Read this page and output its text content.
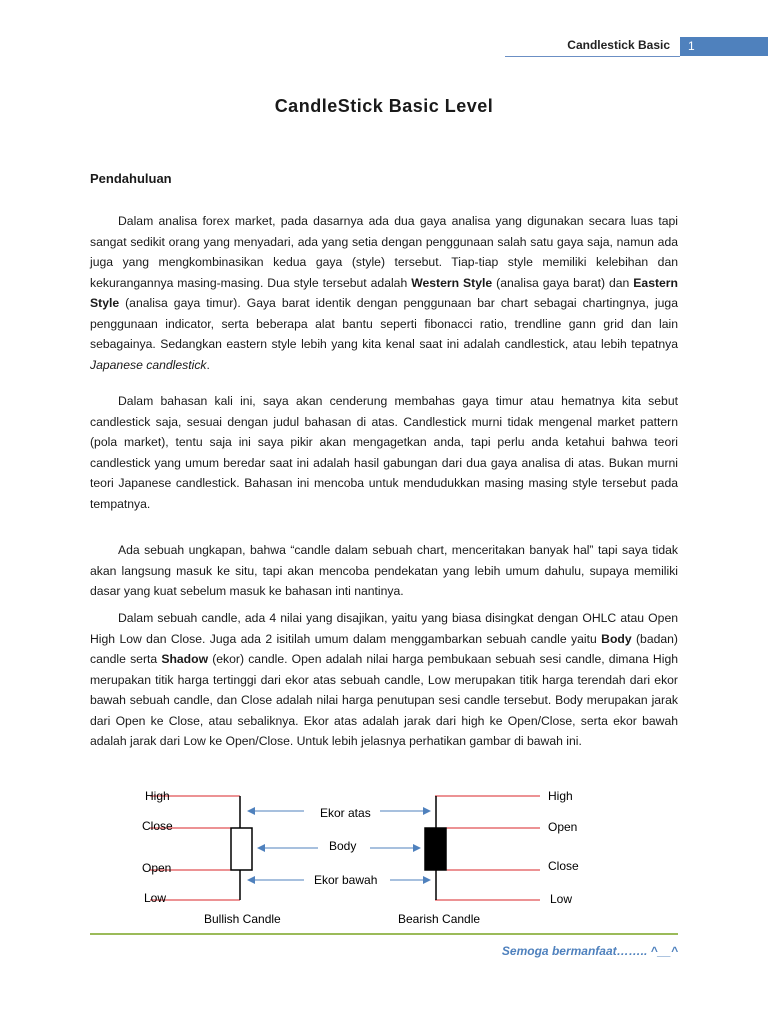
Candlestick Basic	1
CandleStick Basic Level
Pendahuluan

Dalam analisa forex market, pada dasarnya ada dua gaya analisa yang digunakan secara luas tapi sangat sedikit orang yang menyadari, ada yang setia dengan penggunaan salah satu gaya saja, namun ada juga yang mengkombinasikan kedua gaya (style) tersebut. Tiap-tiap style memiliki kelebihan dan kekurangannya masing-masing. Dua style tersebut adalah Western Style (analisa gaya barat) dan Eastern Style (analisa gaya timur). Gaya barat identik dengan penggunaan bar chart sebagai chartingnya, juga penggunaan indicator, serta beberapa alat bantu seperti fibonacci ratio, trendline gann grid dan lain sebagainya. Sedangkan eastern style lebih yang kita kenal saat ini adalah candlestick, atau lebih tepatnya Japanese candlestick.

Dalam bahasan kali ini, saya akan cenderung membahas gaya timur atau hematnya kita sebut candlestick saja, sesuai dengan judul bahasan di atas. Candlestick murni tidak mengenal market pattern (pola market), tentu saja ini saya pikir akan mengagetkan anda, tapi perlu anda ketahui bahwa teori candlestick yang umum beredar saat ini adalah hasil gabungan dari dua gaya analisa di atas. Bukan murni teori Japanese candlestick. Bahasan ini mencoba untuk mendudukkan masing masing style tersebut pada tempatnya.

Ada sebuah ungkapan, bahwa “candle dalam sebuah chart, menceritakan banyak hal” tapi saya tidak akan langsung masuk ke situ, tapi akan mencoba pendekatan yang lebih umum dahulu, supaya memiliki dasar yang kuat sebelum masuk ke bahasan inti nantinya.

Dalam sebuah candle, ada 4 nilai yang disajikan, yaitu yang biasa disingkat dengan OHLC atau Open High Low dan Close. Juga ada 2 isitilah umum dalam menggambarkan sebuah candle yaitu Body (badan) candle serta Shadow (ekor) candle. Open adalah nilai harga pembukaan sebuah sesi candle, dimana High merupakan titik harga tertinggi dari ekor atas sebuah candle, Low merupakan titik harga terendah dari ekor bawah sebuah candle, dan Close adalah nilai harga penutupan sesi candle tersebut. Body merupakan jarak dari Open ke Close, atau sebaliknya. Ekor atas adalah jarak dari high ke Open/Close, serta ekor bawah adalah jarak dari Low ke Open/Close. Untuk lebih jelasnya perhatikan gambar di bawah ini.

High
Close
Open
Low
Bullish Candle
Ekor atas
Body
Ekor bawah
High
Open
Close
Low
Bearish Candle
Semoga bermanfaat…….. ^__^
